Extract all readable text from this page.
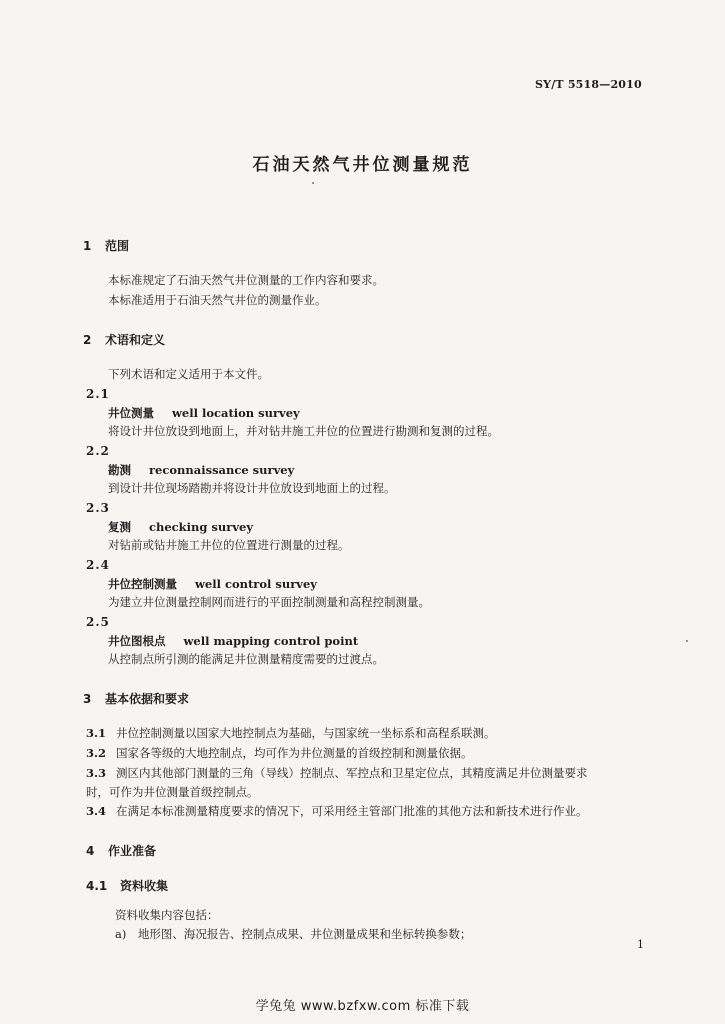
SY/T 5518—2010
石油天然气井位测量规范
1 范围
本标准规定了石油天然气井位测量的工作内容和要求。
本标准适用于石油天然气井位的测量作业。
2 术语和定义
下列术语和定义适用于本文件。
2.1
井位测量 well location survey
将设计井位放设到地面上，并对钻井施工井位的位置进行勘测和复测的过程。
2.2
勘测 reconnaissance survey
到设计井位现场踏勘并将设计井位放设到地面上的过程。
2.3
复测 checking survey
对钻前或钻井施工井位的位置进行测量的过程。
2.4
井位控制测量 well control survey
为建立井位测量控制网而进行的平面控制测量和高程控制测量。
2.5
井位图根点 well mapping control point
从控制点所引测的能满足井位测量精度需要的过渡点。
3 基本依据和要求
3.1 井位控制测量以国家大地控制点为基础，与国家统一坐标系和高程系联测。
3.2 国家各等级的大地控制点，均可作为井位测量的首级控制和测量依据。
3.3 测区内其他部门测量的三角（导线）控制点、军控点和卫星定位点，其精度满足井位测量要求
时，可作为井位测量首级控制点。
3.4 在满足本标准测量精度要求的情况下，可采用经主管部门批准的其他方法和新技术进行作业。
4 作业准备
4.1 资料收集
资料收集内容包括：
a)　地形图、海况报告、控制点成果、井位测量成果和坐标转换参数；
1
学兔兔 www.bzfxw.com 标准下载
